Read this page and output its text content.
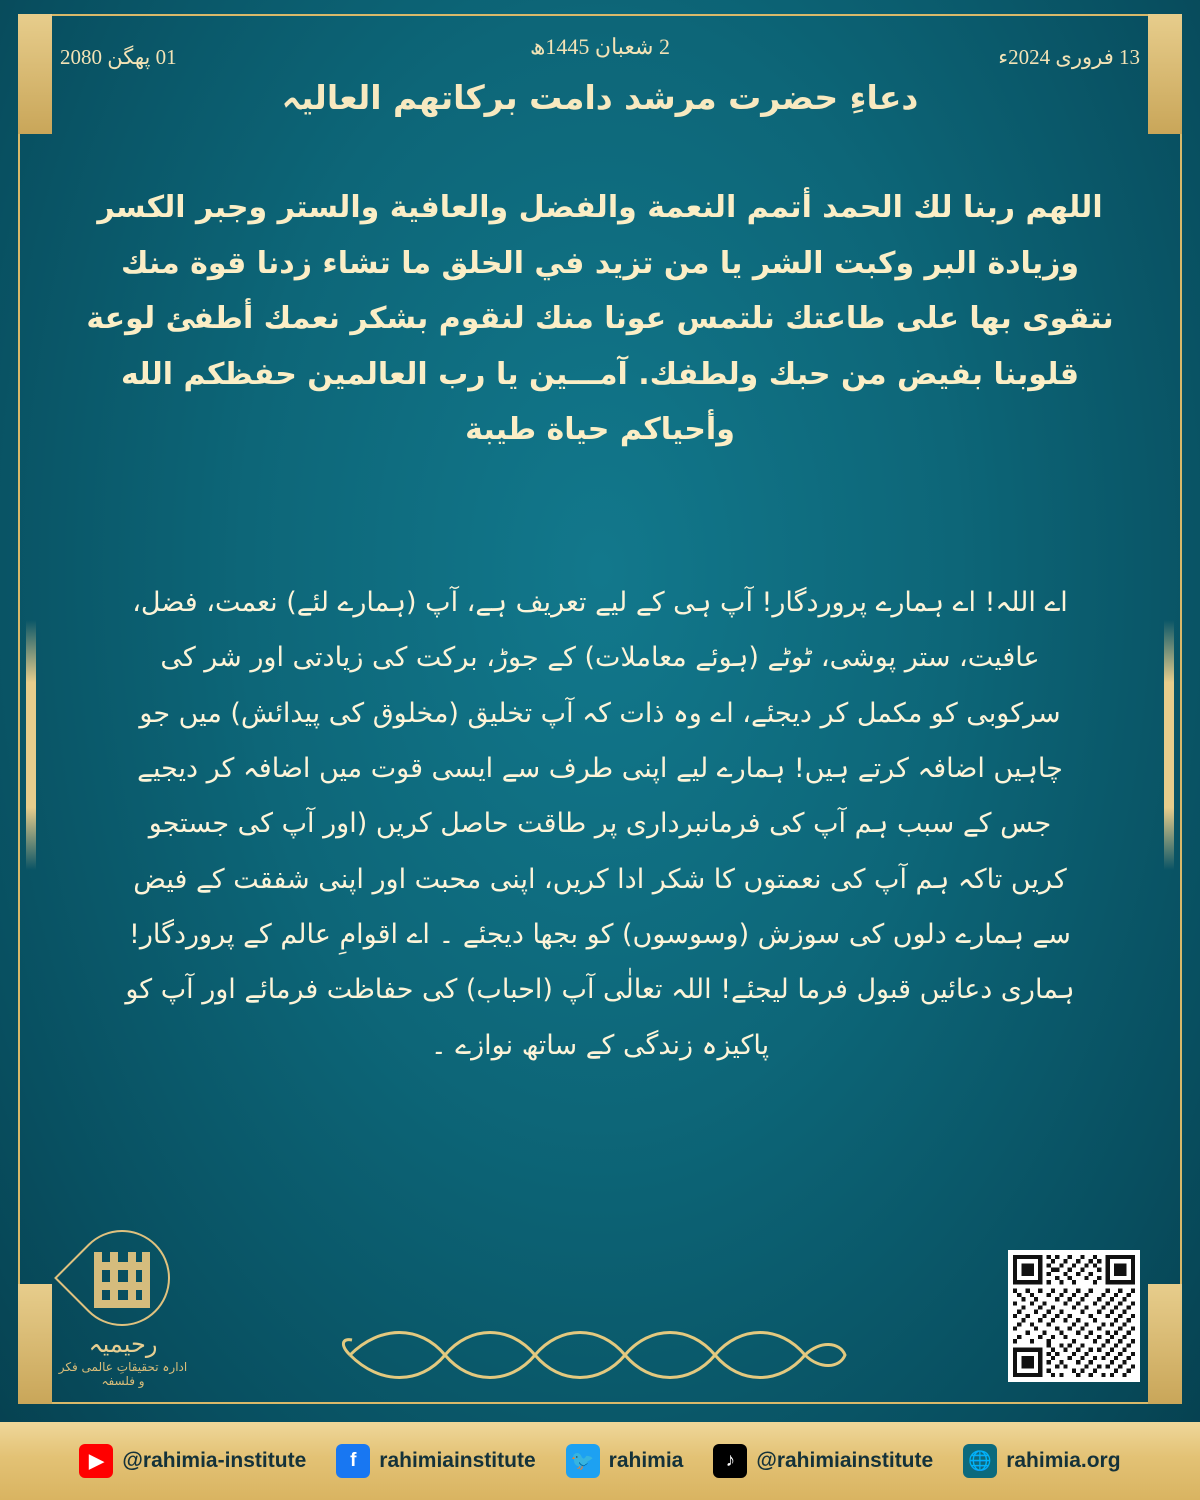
13 فروری 2024ء
2 شعبان 1445ھ
01 پھگن 2080
دعاءِ حضرت مرشد دامت برکاتهم العالیہ
اللهم ربنا لك الحمد أتمم النعمة والفضل والعافية والستر وجبر الكسر وزيادة البر وكبت الشر يا من تزيد في الخلق ما تشاء زدنا قوة منك نتقوى بها على طاعتك نلتمس عونا منك لنقوم بشكر نعمك أطفئ لوعة قلوبنا بفيض من حبك ولطفك. آمـــين يا رب العالمين حفظكم الله وأحياكم حياة طيبة
اے اللہ! اے ہمارے پروردگار! آپ ہی کے لیے تعریف ہے، آپ (ہمارے لئے) نعمت، فضل، عافیت، ستر پوشی، ٹوٹے (ہوئے معاملات) کے جوڑ، برکت کی زیادتی اور شر کی سرکوبی کو مکمل کر دیجئے، اے وہ ذات کہ آپ تخلیق (مخلوق کی پیدائش) میں جو چاہیں اضافہ کرتے ہیں! ہمارے لیے اپنی طرف سے ایسی قوت میں اضافہ کر دیجیے جس کے سبب ہم آپ کی فرمانبرداری پر طاقت حاصل کریں (اور آپ کی جستجو کریں تاکہ ہم آپ کی نعمتوں کا شکر ادا کریں، اپنی محبت اور اپنی شفقت کے فیض سے ہمارے دلوں کی سوزش (وسوسوں) کو بجھا دیجئے ۔ اے اقوامِ عالم کے پروردگار! ہماری دعائیں قبول فرما لیجئے! اللہ تعالٰی آپ (احباب) کی حفاظت فرمائے اور آپ کو پاکیزہ زندگی کے ساتھ نوازے ۔
رحیمیہ
ادارہ تحقیقاتِ عالمی فکر و فلسفہ
▶ @rahimia-institute	f	rahimiainstitute 🐦 rahimia	♪	@rahimiainstitute 🌐 rahimia.org
